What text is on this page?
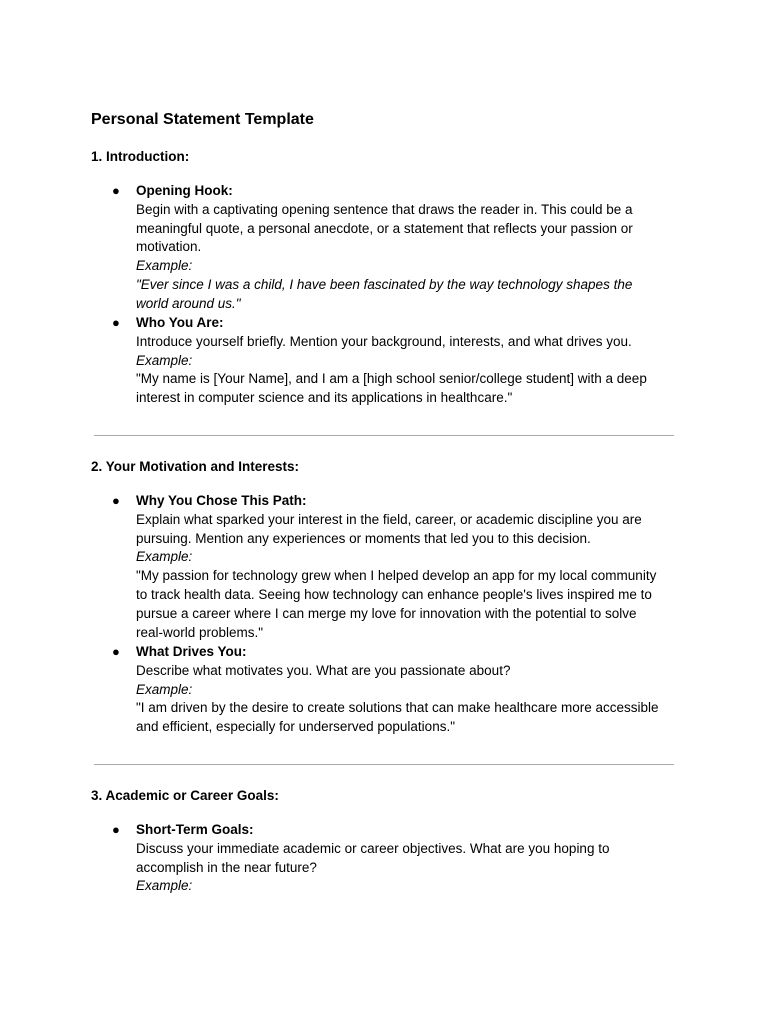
Personal Statement Template
1. Introduction:
● Opening Hook:
Begin with a captivating opening sentence that draws the reader in. This could be a
meaningful quote, a personal anecdote, or a statement that reflects your passion or
motivation.
Example:
"Ever since I was a child, I have been fascinated by the way technology shapes the
world around us."
● Who You Are:
Introduce yourself briefly. Mention your background, interests, and what drives you.
Example:
"My name is [Your Name], and I am a [high school senior/college student] with a deep
interest in computer science and its applications in healthcare."
2. Your Motivation and Interests:
● Why You Chose This Path:
Explain what sparked your interest in the field, career, or academic discipline you are
pursuing. Mention any experiences or moments that led you to this decision.
Example:
"My passion for technology grew when I helped develop an app for my local community
to track health data. Seeing how technology can enhance people's lives inspired me to
pursue a career where I can merge my love for innovation with the potential to solve
real-world problems."
● What Drives You:
Describe what motivates you. What are you passionate about?
Example:
"I am driven by the desire to create solutions that can make healthcare more accessible
and efficient, especially for underserved populations."
3. Academic or Career Goals:
● Short-Term Goals:
Discuss your immediate academic or career objectives. What are you hoping to
accomplish in the near future?
Example:
